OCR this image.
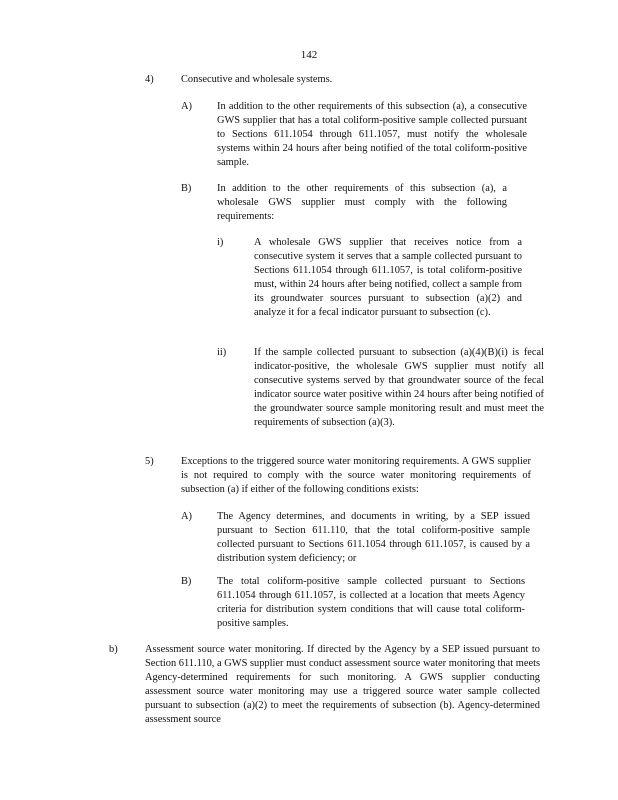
142
4)	Consecutive and wholesale systems.
A) In addition to the other requirements of this subsection (a), a consecutive GWS supplier that has a total coliform-positive sample collected pursuant to Sections 611.1054 through 611.1057, must notify the wholesale systems within 24 hours after being notified of the total coliform-positive sample.
B) In addition to the other requirements of this subsection (a), a wholesale GWS supplier must comply with the following requirements:
i)	A wholesale GWS supplier that receives notice from a consecutive system it serves that a sample collected pursuant to Sections 611.1054 through 611.1057, is total coliform-positive must, within 24 hours after being notified, collect a sample from its groundwater sources pursuant to subsection (a)(2) and analyze it for a fecal indicator pursuant to subsection (c).
ii)	If the sample collected pursuant to subsection (a)(4)(B)(i) is fecal indicator-positive, the wholesale GWS supplier must notify all consecutive systems served by that groundwater source of the fecal indicator source water positive within 24 hours after being notified of the groundwater source sample monitoring result and must meet the requirements of subsection (a)(3).
5)	Exceptions to the triggered source water monitoring requirements. A GWS supplier is not required to comply with the source water monitoring requirements of subsection (a) if either of the following conditions exists:
A) The Agency determines, and documents in writing, by a SEP issued pursuant to Section 611.110, that the total coliform-positive sample collected pursuant to Sections 611.1054 through 611.1057, is caused by a distribution system deficiency; or
B) The total coliform-positive sample collected pursuant to Sections 611.1054 through 611.1057, is collected at a location that meets Agency criteria for distribution system conditions that will cause total coliform-positive samples.
b)	Assessment source water monitoring. If directed by the Agency by a SEP issued pursuant to Section 611.110, a GWS supplier must conduct assessment source water monitoring that meets Agency-determined requirements for such monitoring. A GWS supplier conducting assessment source water monitoring may use a triggered source water sample collected pursuant to subsection (a)(2) to meet the requirements of subsection (b). Agency-determined assessment source
